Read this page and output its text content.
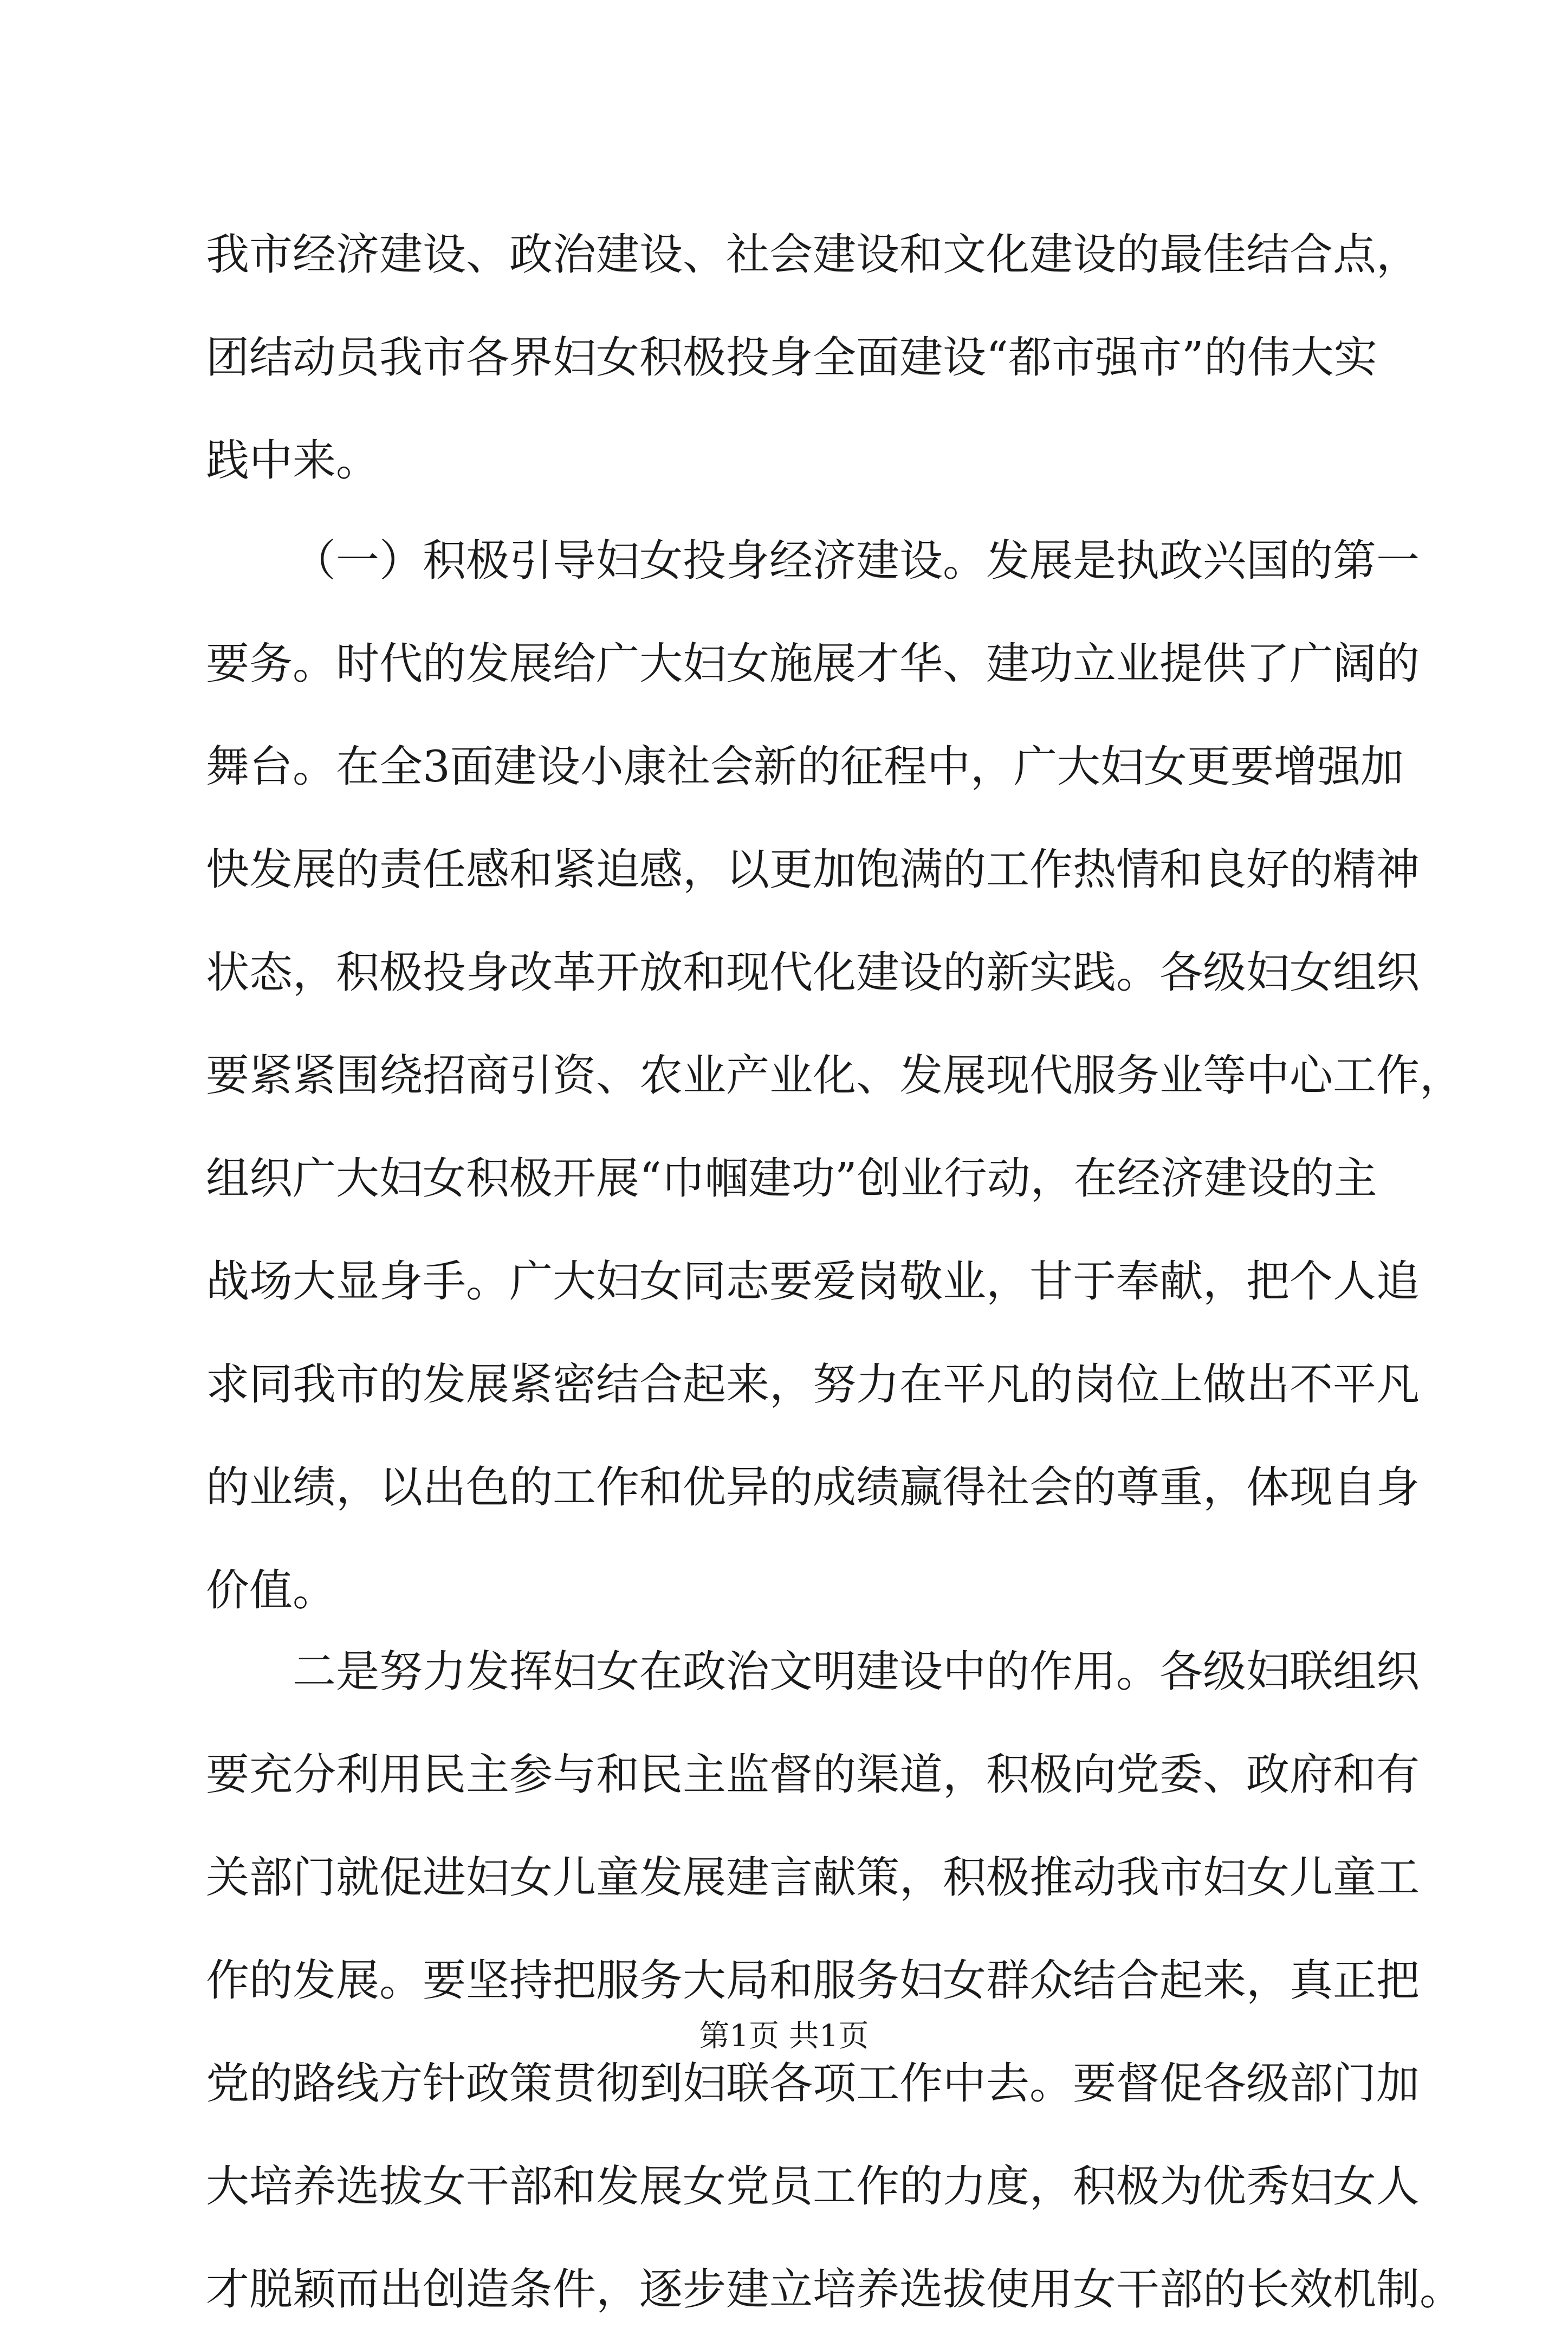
我市经济建设、政治建设、社会建设和文化建设的最佳结合点，
团结动员我市各界妇女积极投身全面建设“都市强市”的伟大实
践中来。
（一）积极引导妇女投身经济建设。发展是执政兴国的第一
要务。时代的发展给广大妇女施展才华、建功立业提供了广阔的
舞台。在全3面建设小康社会新的征程中，广大妇女更要增强加
快发展的责任感和紧迫感，以更加饱满的工作热情和良好的精神
状态，积极投身改革开放和现代化建设的新实践。各级妇女组织
要紧紧围绕招商引资、农业产业化、发展现代服务业等中心工作，
组织广大妇女积极开展“巾帼建功”创业行动，在经济建设的主
战场大显身手。广大妇女同志要爱岗敬业，甘于奉献，把个人追
求同我市的发展紧密结合起来，努力在平凡的岗位上做出不平凡
的业绩，以出色的工作和优异的成绩赢得社会的尊重，体现自身
价值。
二是努力发挥妇女在政治文明建设中的作用。各级妇联组织
要充分利用民主参与和民主监督的渠道，积极向党委、政府和有
关部门就促进妇女儿童发展建言献策，积极推动我市妇女儿童工
作的发展。要坚持把服务大局和服务妇女群众结合起来，真正把
党的路线方针政策贯彻到妇联各项工作中去。要督促各级部门加
大培养选拔女干部和发展女党员工作的力度，积极为优秀妇女人
才脱颖而出创造条件，逐步建立培养选拔使用女干部的长效机制。
第1页 共1页
